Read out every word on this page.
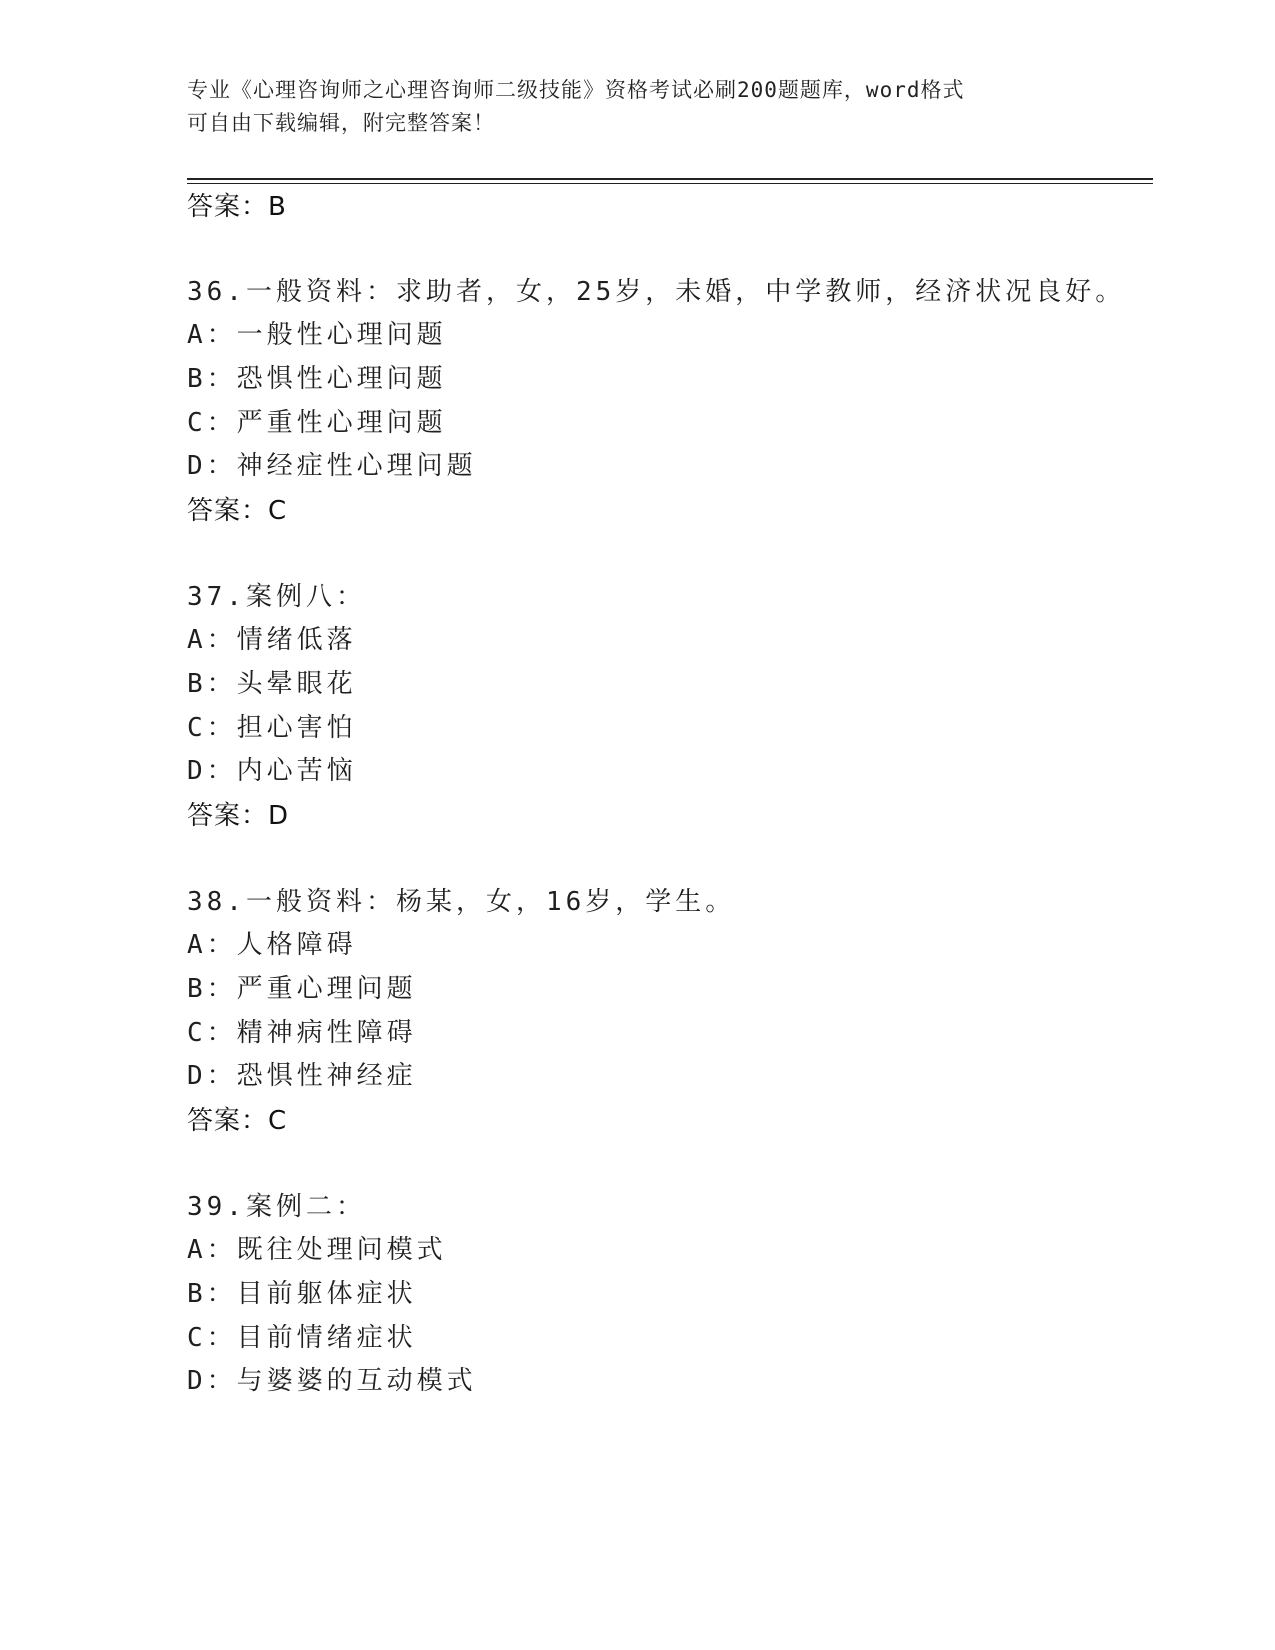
专业《心理咨询师之心理咨询师二级技能》资格考试必刷200题题库，word格式
可自由下载编辑，附完整答案！
答案：B
36.一般资料：求助者，女，25岁，未婚，中学教师，经济状况良好。
A：一般性心理问题
B：恐惧性心理问题
C：严重性心理问题
D：神经症性心理问题
答案：C
37.案例八：
A：情绪低落
B：头晕眼花
C：担心害怕
D：内心苦恼
答案：D
38.一般资料：杨某，女，16岁，学生。
A：人格障碍
B：严重心理问题
C：精神病性障碍
D：恐惧性神经症
答案：C
39.案例二：
A：既往处理问模式
B：目前躯体症状
C：目前情绪症状
D：与婆婆的互动模式
